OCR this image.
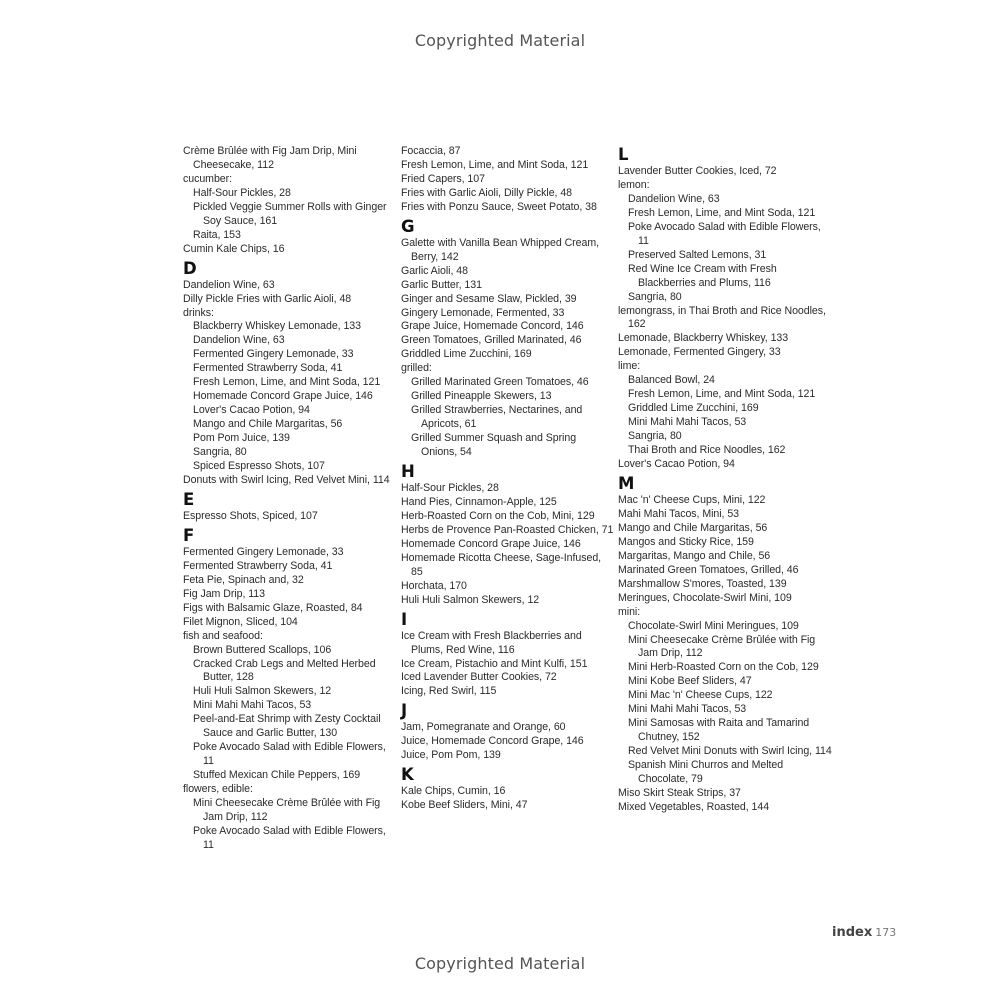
Copyrighted Material
Crème Brûlée with Fig Jam Drip, Mini Cheesecake, 112
cucumber:
Half-Sour Pickles, 28
Pickled Veggie Summer Rolls with Ginger Soy Sauce, 161
Raita, 153
Cumin Kale Chips, 16
D
Dandelion Wine, 63
Dilly Pickle Fries with Garlic Aioli, 48
drinks:
Blackberry Whiskey Lemonade, 133
Dandelion Wine, 63
Fermented Gingery Lemonade, 33
Fermented Strawberry Soda, 41
Fresh Lemon, Lime, and Mint Soda, 121
Homemade Concord Grape Juice, 146
Lover's Cacao Potion, 94
Mango and Chile Margaritas, 56
Pom Pom Juice, 139
Sangria, 80
Spiced Espresso Shots, 107
Donuts with Swirl Icing, Red Velvet Mini, 114
E
Espresso Shots, Spiced, 107
F
Fermented Gingery Lemonade, 33
Fermented Strawberry Soda, 41
Feta Pie, Spinach and, 32
Fig Jam Drip, 113
Figs with Balsamic Glaze, Roasted, 84
Filet Mignon, Sliced, 104
fish and seafood:
Brown Buttered Scallops, 106
Cracked Crab Legs and Melted Herbed Butter, 128
Huli Huli Salmon Skewers, 12
Mini Mahi Mahi Tacos, 53
Peel-and-Eat Shrimp with Zesty Cocktail Sauce and Garlic Butter, 130
Poke Avocado Salad with Edible Flowers, 11
Stuffed Mexican Chile Peppers, 169
flowers, edible:
Mini Cheesecake Crème Brûlée with Fig Jam Drip, 112
Poke Avocado Salad with Edible Flowers, 11
Focaccia, 87
Fresh Lemon, Lime, and Mint Soda, 121
Fried Capers, 107
Fries with Garlic Aioli, Dilly Pickle, 48
Fries with Ponzu Sauce, Sweet Potato, 38
G
Galette with Vanilla Bean Whipped Cream, Berry, 142
Garlic Aioli, 48
Garlic Butter, 131
Ginger and Sesame Slaw, Pickled, 39
Gingery Lemonade, Fermented, 33
Grape Juice, Homemade Concord, 146
Green Tomatoes, Grilled Marinated, 46
Griddled Lime Zucchini, 169
grilled:
Grilled Marinated Green Tomatoes, 46
Grilled Pineapple Skewers, 13
Grilled Strawberries, Nectarines, and Apricots, 61
Grilled Summer Squash and Spring Onions, 54
H
Half-Sour Pickles, 28
Hand Pies, Cinnamon-Apple, 125
Herb-Roasted Corn on the Cob, Mini, 129
Herbs de Provence Pan-Roasted Chicken, 71
Homemade Concord Grape Juice, 146
Homemade Ricotta Cheese, Sage-Infused, 85
Horchata, 170
Huli Huli Salmon Skewers, 12
I
Ice Cream with Fresh Blackberries and Plums, Red Wine, 116
Ice Cream, Pistachio and Mint Kulfi, 151
Iced Lavender Butter Cookies, 72
Icing, Red Swirl, 115
J
Jam, Pomegranate and Orange, 60
Juice, Homemade Concord Grape, 146
Juice, Pom Pom, 139
K
Kale Chips, Cumin, 16
Kobe Beef Sliders, Mini, 47
L
Lavender Butter Cookies, Iced, 72
lemon:
Dandelion Wine, 63
Fresh Lemon, Lime, and Mint Soda, 121
Poke Avocado Salad with Edible Flowers, 11
Preserved Salted Lemons, 31
Red Wine Ice Cream with Fresh Blackberries and Plums, 116
Sangria, 80
lemongrass, in Thai Broth and Rice Noodles, 162
Lemonade, Blackberry Whiskey, 133
Lemonade, Fermented Gingery, 33
lime:
Balanced Bowl, 24
Fresh Lemon, Lime, and Mint Soda, 121
Griddled Lime Zucchini, 169
Mini Mahi Mahi Tacos, 53
Sangria, 80
Thai Broth and Rice Noodles, 162
Lover's Cacao Potion, 94
M
Mac 'n' Cheese Cups, Mini, 122
Mahi Mahi Tacos, Mini, 53
Mango and Chile Margaritas, 56
Mangos and Sticky Rice, 159
Margaritas, Mango and Chile, 56
Marinated Green Tomatoes, Grilled, 46
Marshmallow S'mores, Toasted, 139
Meringues, Chocolate-Swirl Mini, 109
mini:
Chocolate-Swirl Mini Meringues, 109
Mini Cheesecake Crème Brûlée with Fig Jam Drip, 112
Mini Herb-Roasted Corn on the Cob, 129
Mini Kobe Beef Sliders, 47
Mini Mac 'n' Cheese Cups, 122
Mini Mahi Mahi Tacos, 53
Mini Samosas with Raita and Tamarind Chutney, 152
Red Velvet Mini Donuts with Swirl Icing, 114
Spanish Mini Churros and Melted Chocolate, 79
Miso Skirt Steak Strips, 37
Mixed Vegetables, Roasted, 144
index 173
Copyrighted Material
